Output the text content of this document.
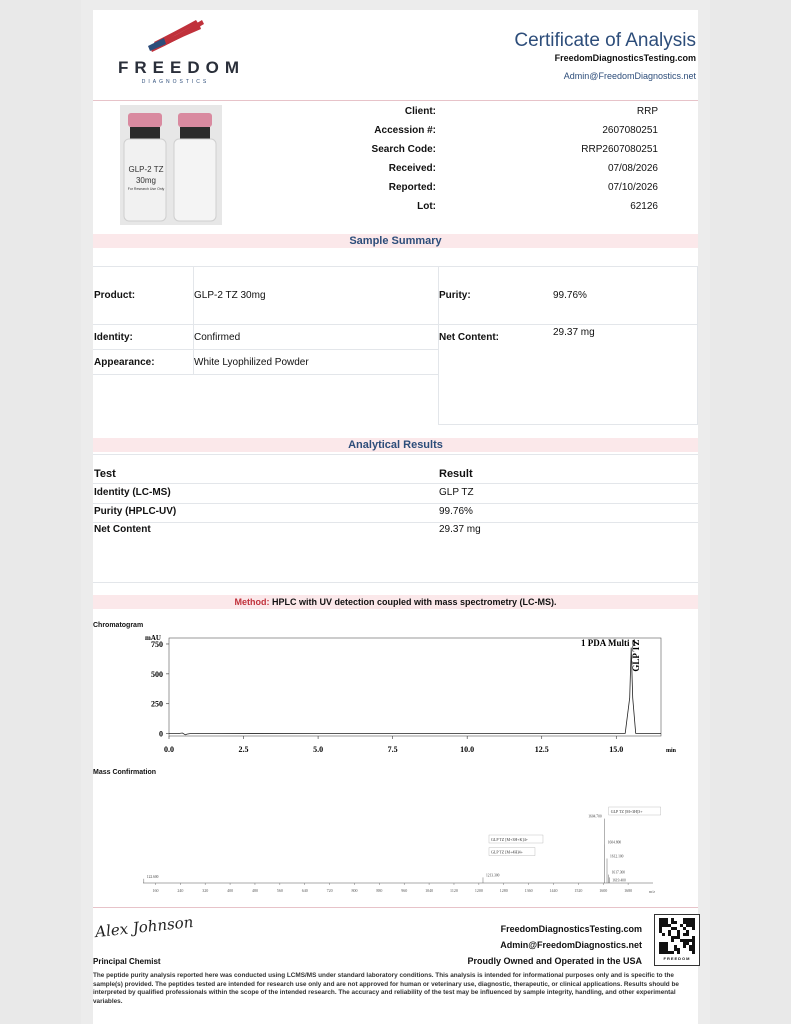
FREEDOM
DIAGNOSTICS
Certificate of Analysis
FreedomDiagnosticsTesting.com
Admin@FreedomDiagnostics.net
GLP-2 TZ
30mg
For Research Use Only
Client:	RRP
Accession #:	2607080251
Search Code:	RRP2607080251
Received:	07/08/2026
Reported:	07/10/2026
Lot:	62126
Sample Summary
Product:	GLP-2 TZ 30mg	Purity:	99.76%
Identity:	Confirmed	Net Content:	29.37 mg
Appearance:	White Lyophilized Powder
Analytical Results
Test	Result
Identity (LC-MS)	GLP TZ
Purity (HPLC-UV)	99.76%
Net Content	29.37 mg
Method: HPLC with UV detection coupled with mass spectrometry (LC-MS).
Chromatogram
mAU
min
1 PDA Multi 1
0.0	2.5	5.0	7.5	10.0	12.5	15.0
0
250
500
750	GLP TZ
Mass Confirmation
160	240	320	400	480	560	640	720	800	880	960	1040	1120	1200	1280	1360	1440	1520	1600	1680
122.600	1213.300
1604.700
1604.800
1612.100
1617.300
1619.400
GLP TZ [M+3H]3+
GLP TZ [M+3H+K]4+
GLP TZ [M+4H]4+
m/z
Alex Johnson
Principal Chemist
FreedomDiagnosticsTesting.com
Admin@FreedomDiagnostics.net
Proudly Owned and Operated in the USA	FREEDOM
The peptide purity analysis reported here was conducted using LCMS/MS under standard laboratory conditions. This analysis is intended for informational purposes only and is specific to the sample(s) provided. The peptides tested are intended for research use only and are not approved for human or veterinary use, diagnostic, therapeutic, or clinical applications. Results should be interpreted by qualified professionals within the scope of the intended research. The accuracy and reliability of the test may be influenced by sample integrity, handling, and other experimental variables.
